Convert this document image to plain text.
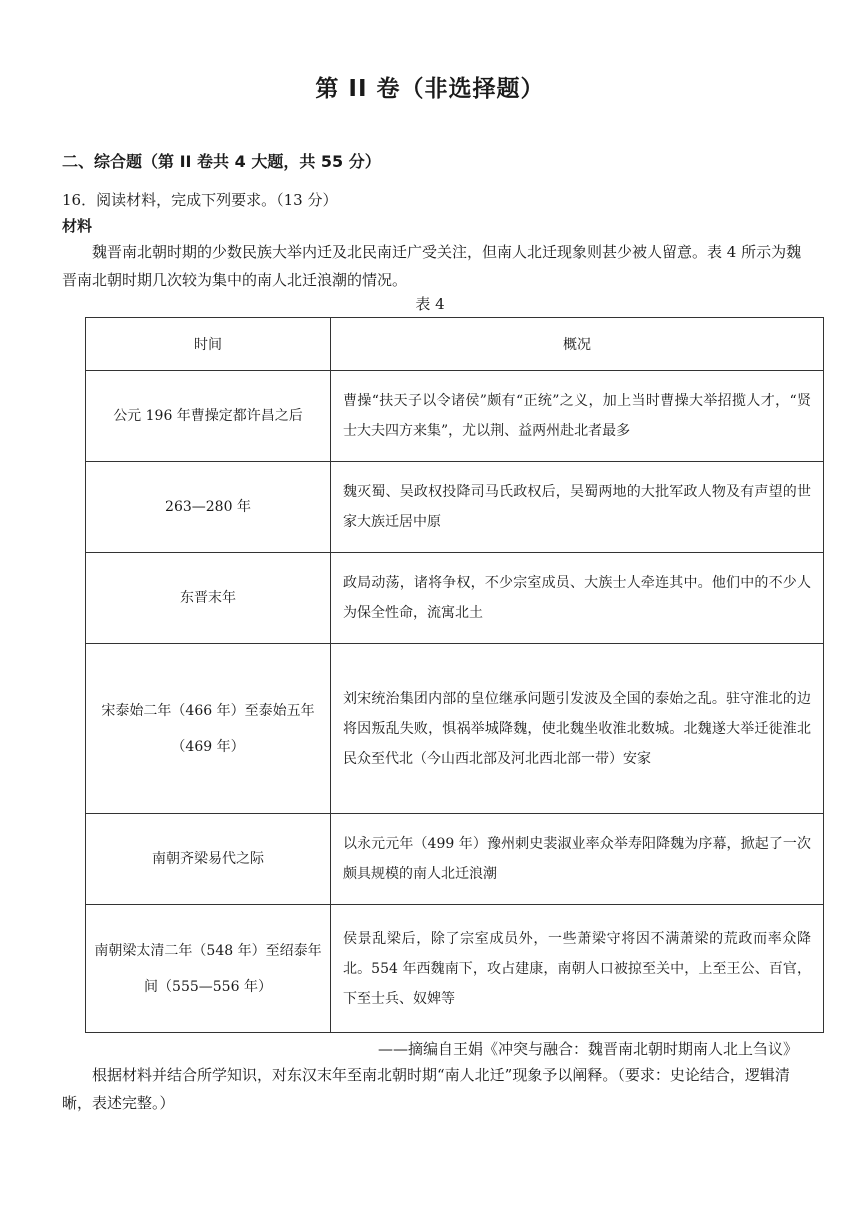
第 II 卷（非选择题）
二、综合题（第 II 卷共 4 大题，共 55 分）
16．阅读材料，完成下列要求。（13 分）
材料
魏晋南北朝时期的少数民族大举内迁及北民南迁广受关注，但南人北迁现象则甚少被人留意。表 4 所示为魏晋南北朝时期几次较为集中的南人北迁浪潮的情况。
表 4
时间	概况
公元 196 年曹操定都许昌之后	曹操“扶天子以令诸侯”颇有“正统”之义，加上当时曹操大举招揽人才，“贤士大夫四方来集”，尤以荆、益两州赴北者最多
263—280 年	魏灭蜀、吴政权投降司马氏政权后，吴蜀两地的大批军政人物及有声望的世家大族迁居中原
东晋末年	政局动荡，诸将争权，不少宗室成员、大族士人牵连其中。他们中的不少人为保全性命，流寓北土
宋泰始二年（466 年）至泰始五年（469 年）	刘宋统治集团内部的皇位继承问题引发波及全国的泰始之乱。驻守淮北的边将因叛乱失败，惧祸举城降魏，使北魏坐收淮北数城。北魏遂大举迁徙淮北民众至代北（今山西北部及河北西北部一带）安家
南朝齐梁易代之际	以永元元年（499 年）豫州刺史裴淑业率众举寿阳降魏为序幕，掀起了一次颇具规模的南人北迁浪潮
南朝梁太清二年（548 年）至绍泰年间（555—556 年）	侯景乱梁后，除了宗室成员外，一些萧梁守将因不满萧梁的荒政而率众降北。554 年西魏南下，攻占建康，南朝人口被掠至关中，上至王公、百官，下至士兵、奴婢等
——摘编自王娟《冲突与融合：魏晋南北朝时期南人北上刍议》
根据材料并结合所学知识，对东汉末年至南北朝时期“南人北迁”现象予以阐释。（要求：史论结合，逻辑清晰，表述完整。）
